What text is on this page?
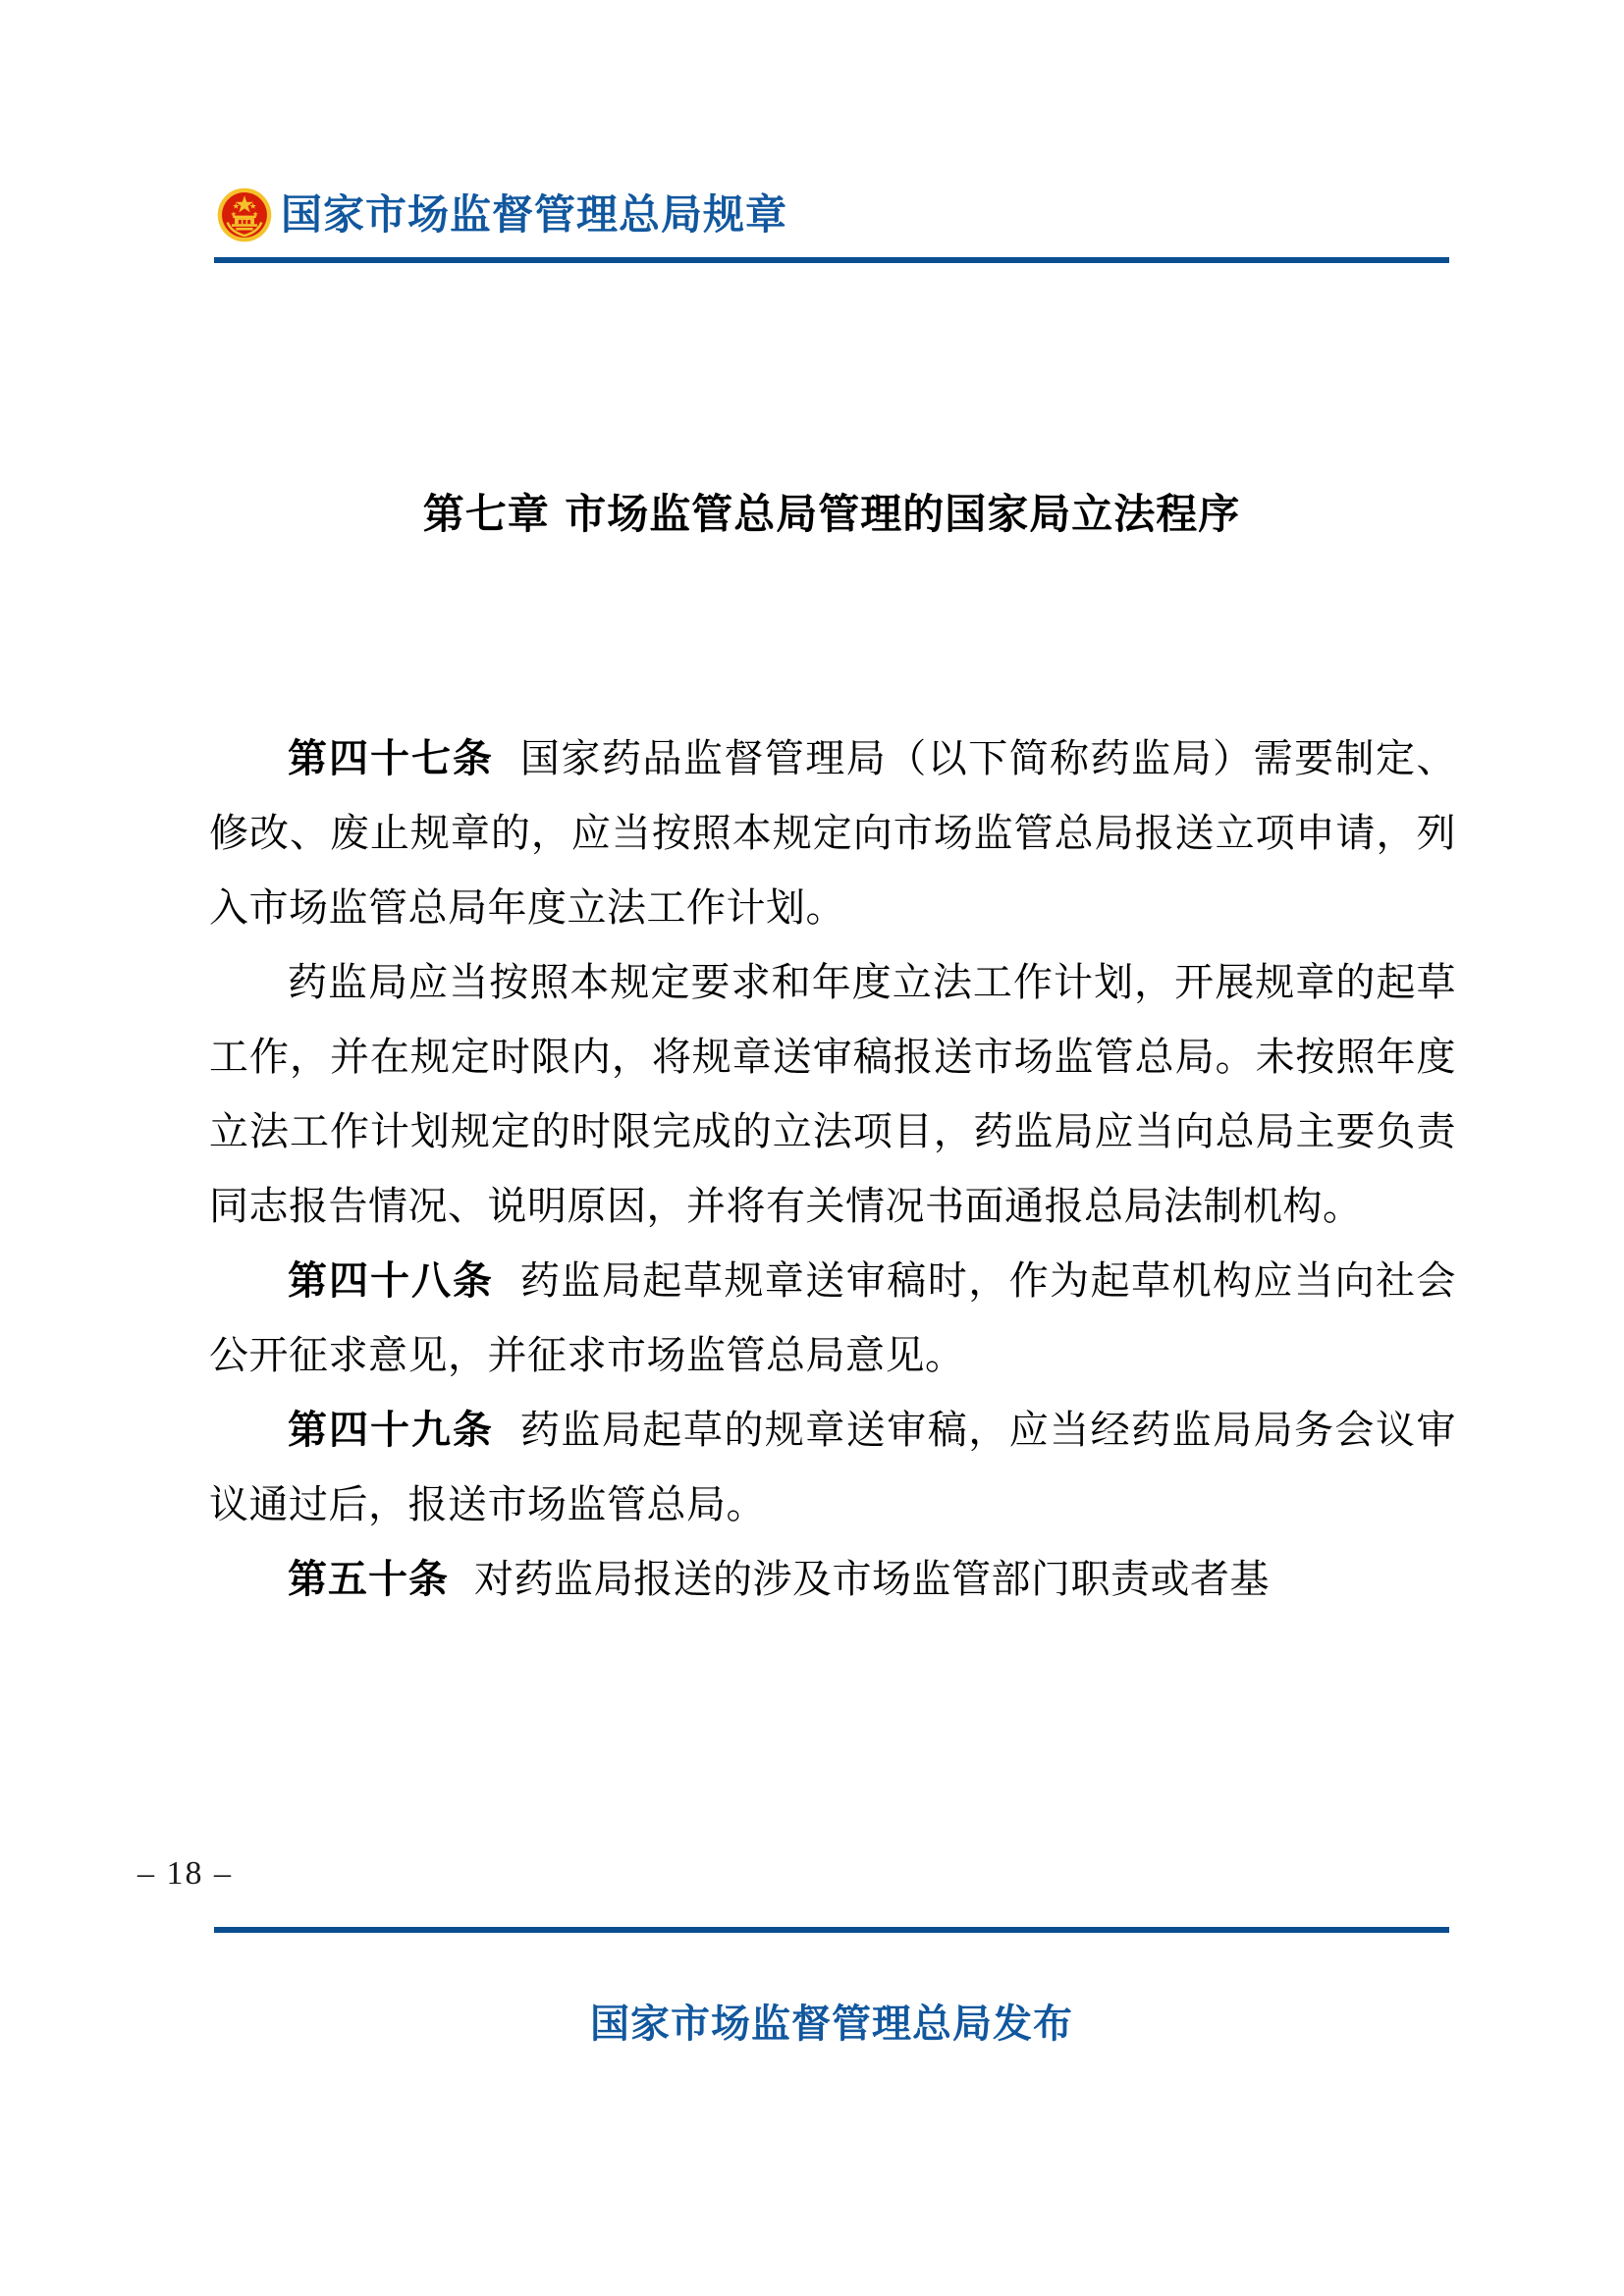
国家市场监督管理总局规章
第七章 市场监管总局管理的国家局立法程序

第四十七条 国家药品监督管理局（以下简称药监局）需要制定、修改、废止规章的，应当按照本规定向市场监管总局报送立项申请，列入市场监管总局年度立法工作计划。

药监局应当按照本规定要求和年度立法工作计划，开展规章的起草工作，并在规定时限内，将规章送审稿报送市场监管总局。未按照年度立法工作计划规定的时限完成的立法项目，药监局应当向总局主要负责同志报告情况、说明原因，并将有关情况书面通报总局法制机构。

第四十八条 药监局起草规章送审稿时，作为起草机构应当向社会公开征求意见，并征求市场监管总局意见。

第四十九条 药监局起草的规章送审稿，应当经药监局局务会议审议通过后，报送市场监管总局。

第五十条 对药监局报送的涉及市场监管部门职责或者基

– 18 –
国家市场监督管理总局发布
